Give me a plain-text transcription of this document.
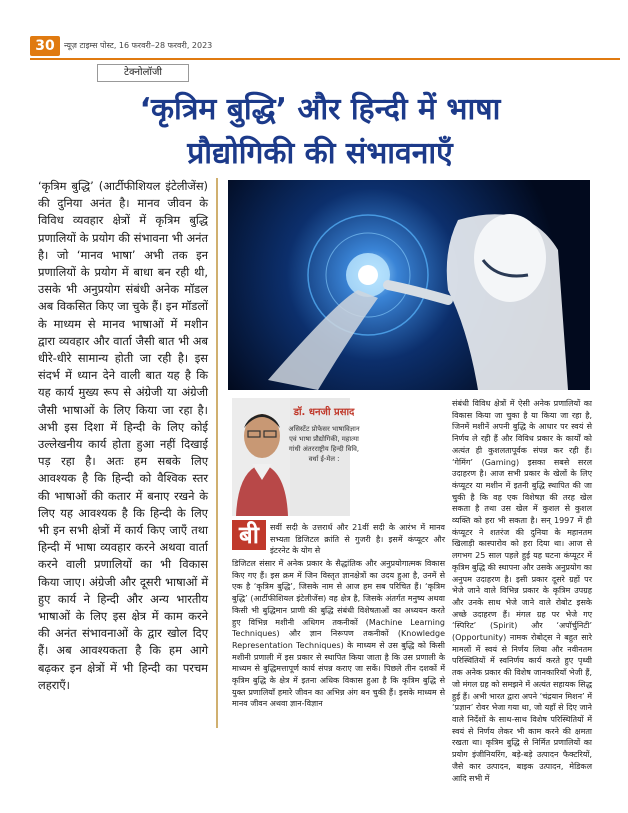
30	न्यूज़ टाइम्स पोस्ट, 16 फरवरी–28 फरवरी, 2023
टेक्नोलॉजी
‘कृत्रिम बुद्धि’ और हिन्दी में भाषा
प्रौद्योगिकी की संभावनाएँ

‘कृत्रिम बुद्धि’ (आर्टीफीशियल इंटेलीजेंस) की दुनिया अनंत है। मानव जीवन के विविध व्यवहार क्षेत्रों में कृत्रिम बुद्धि प्रणालियों के प्रयोग की संभावना भी अनंत है। जो ‘मानव भाषा’ अभी तक इन प्रणालियों के प्रयोग में बाधा बन रही थी, उसके भी अनुप्रयोग संबंधी अनेक मॉडल अब विकसित किए जा चुके हैं। इन मॉडलों के माध्यम से मानव भाषाओं में मशीन द्वारा व्यवहार और वार्ता जैसी बात भी अब धीरे-धीरे सामान्य होती जा रही है। इस संदर्भ में ध्यान देने वाली बात यह है कि यह कार्य मुख्य रूप से अंग्रेजी या अंग्रेजी जैसी भाषाओं के लिए किया जा रहा है। अभी इस दिशा में हिन्दी के लिए कोई उल्लेखनीय कार्य होता हुआ नहीं दिखाई पड़ रहा है। अतः हम सबके लिए आवश्यक है कि हिन्दी को वैश्विक स्तर की भाषाओं की कतार में बनाए रखने के लिए यह आवश्यक है कि हिन्दी के लिए भी इन सभी क्षेत्रों में कार्य किए जाएँ तथा हिन्दी में भाषा व्यवहार करने अथवा वार्ता करने वाली प्रणालियों का भी विकास किया जाए। अंग्रेजी और दूसरी भाषाओं में हुए कार्य ने हिन्दी और अन्य भारतीय भाषाओं के लिए इस क्षेत्र में काम करने की अनंत संभावनाओं के द्वार खोल दिए हैं। अब आवश्यकता है कि हम आगे बढ़कर इन क्षेत्रों में भी हिन्दी का परचम लहराएँ।

डॉ. धनजी प्रसाद
असिस्टेंट प्रोफेसर भाषाविज्ञान एवं भाषा प्रौद्योगिकी, महात्मा गांधी अंतरराष्ट्रीय हिन्दी विवि, वर्धा ई-मेल :
बी	सवीं सदी के उत्तरार्ध और 21वीं सदी के आरंभ में मानव सभ्यता डिजिटल क्रांति से गुजरी है। इसमें कंप्यूटर और इंटरनेट के योग से

डिजिटल संसार में अनेक प्रकार के सैद्धांतिक और अनुप्रयोगात्मक विकास किए गए हैं। इस क्रम में जिन विस्तृत ज्ञानक्षेत्रों का उदय हुआ है, उनमें से एक है ‘कृत्रिम बुद्धि’, जिसके नाम से आज हम सब परिचित हैं। ‘कृत्रिम बुद्धि’ (आर्टीफीशियल इंटेलीजेंस) वह क्षेत्र है, जिसके अंतर्गत मनुष्य अथवा किसी भी बुद्धिमान प्राणी की बुद्धि संबंधी विशेषताओं का अध्ययन करते हुए विभिन्न मशीनी अधिगम तकनीकों (Machine Learning Techniques) और ज्ञान निरूपण तकनीकों (Knowledge Representation Techniques) के माध्यम से उस बुद्धि को किसी मशीनी प्रणाली में इस प्रकार से स्थापित किया जाता है कि उस प्रणाली के माध्यम से बुद्धिमत्तापूर्ण कार्य संपन्न कराए जा सकें। पिछले तीन दशकों में कृत्रिम बुद्धि के क्षेत्र में इतना अधिक विकास हुआ है कि कृत्रिम बुद्धि से युक्त प्रणालियाँ हमारे जीवन का अभिन्न अंग बन चुकी हैं। इसके माध्यम से मानव जीवन अथवा ज्ञान-विज्ञान

संबंधी विविध क्षेत्रों में ऐसी अनेक प्रणालियों का विकास किया जा चुका है या किया जा रहा है, जिनमें मशीनें अपनी बुद्धि के आधार पर स्वयं से निर्णय ले रही हैं और विविध प्रकार के कार्यों को अत्यंत ही कुशलतापूर्वक संपन्न कर रही हैं। ‘गेमिंग’ (Gaming) इसका सबसे सरल उदाहरण है। आज सभी प्रकार के खेलों के लिए कंप्यूटर या मशीन में इतनी बुद्धि स्थापित की जा चुकी है कि वह एक विशेषज्ञ की तरह खेल सकता है तथा उस खेल में कुशल से कुशल व्यक्ति को हरा भी सकता है। सन् 1997 में ही कंप्यूटर ने शतरंज की दुनिया के महानतम खिलाड़ी कास्पारोव को हरा दिया था। आज से लगभग 25 साल पहले हुई यह घटना कंप्यूटर में कृत्रिम बुद्धि की स्थापना और उसके अनुप्रयोग का अनुपम उदाहरण है। इसी प्रकार दूसरे ग्रहों पर भेजे जाने वाले विभिन्न प्रकार के कृत्रिम उपग्रह और उनके साथ भेजे जाने वाले रोबोट इसके अच्छे उदाहरण हैं। मंगल ग्रह पर भेजे गए ‘स्पिरिट’ (Spirit) और ‘अपॉर्चुनिटी’ (Opportunity) नामक रोबोट्स ने बहुत सारे मामलों में स्वयं से निर्णय लिया और नवीनतम परिस्थितियों में स्वनिर्णय कार्य करते हुए पृथ्वी तक अनेक प्रकार की विशेष जानकारियाँ भेजी हैं, जो मंगल ग्रह को समझने में अत्यंत सहायक सिद्ध हुई हैं। अभी भारत द्वारा अपने ‘चंद्रयान मिशन’ में ‘प्रज्ञान’ रोवर भेजा गया था, जो यहाँ से दिए जाने वाले निर्देशों के साथ-साथ विशेष परिस्थितियों में स्वयं से निर्णय लेकर भी काम करने की क्षमता रखता था। कृत्रिम बुद्धि से निर्मित प्रणालियों का प्रयोग इंजीनियरिंग, बड़े-बड़े उत्पादन फैक्टरियों, जैसे कार उत्पादन, बाइक उत्पादन, मेडिकल आदि सभी में
